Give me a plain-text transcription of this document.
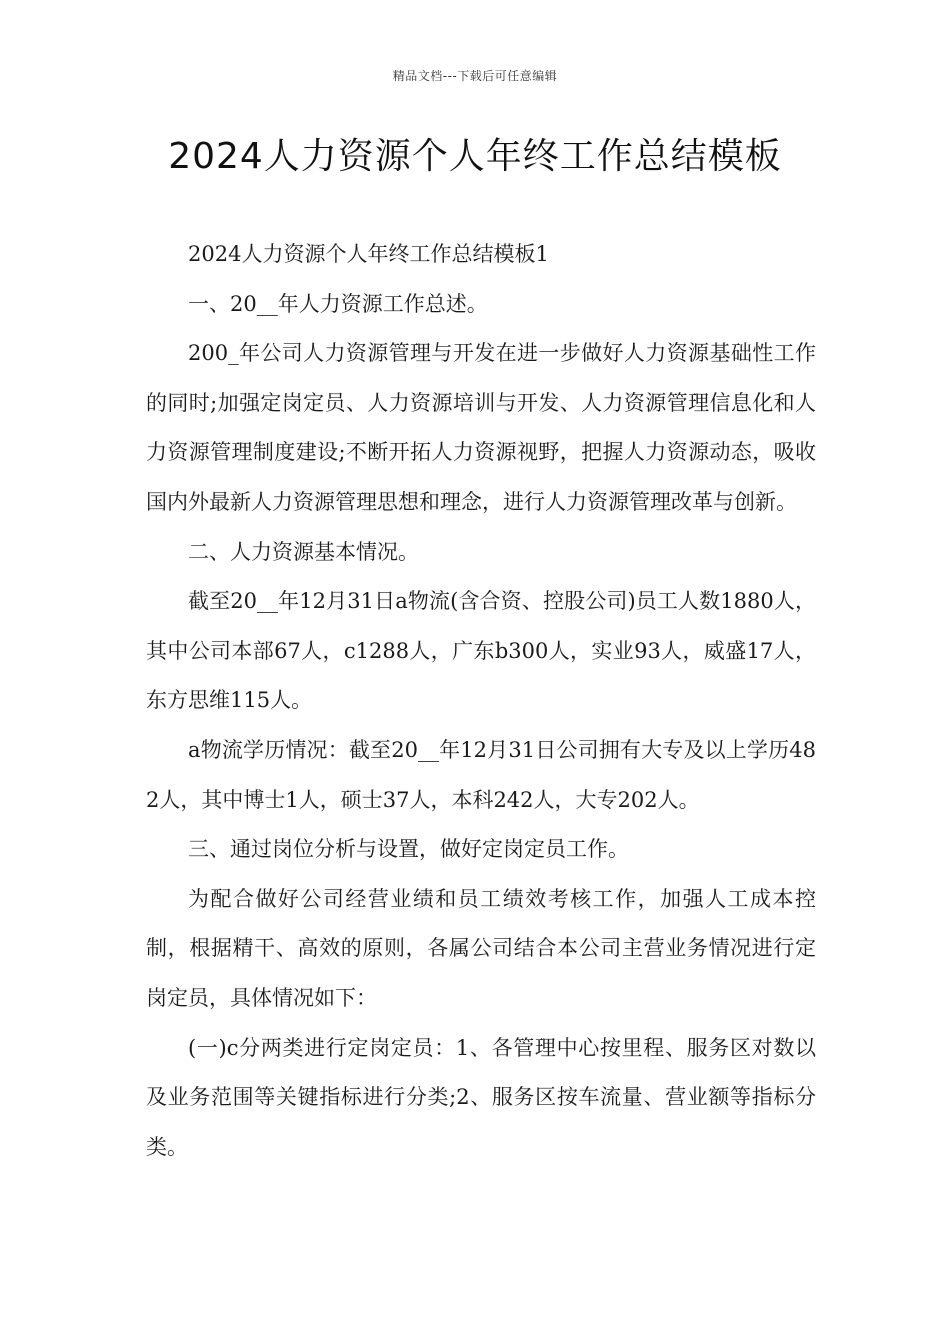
精品文档---下载后可任意编辑
2024人力资源个人年终工作总结模板

2024人力资源个人年终工作总结模板1

一、20__年人力资源工作总述。

200_年公司人力资源管理与开发在进一步做好人力资源基础性工作的同时;加强定岗定员、人力资源培训与开发、人力资源管理信息化和人力资源管理制度建设;不断开拓人力资源视野，把握人力资源动态，吸收国内外最新人力资源管理思想和理念，进行人力资源管理改革与创新。

二、人力资源基本情况。

截至20__年12月31日a物流(含合资、控股公司)员工人数1880人，其中公司本部67人，c1288人，广东b300人，实业93人，威盛17人，东方思维115人。

a物流学历情况：截至20__年12月31日公司拥有大专及以上学历482人，其中博士1人，硕士37人，本科242人，大专202人。

三、通过岗位分析与设置，做好定岗定员工作。

为配合做好公司经营业绩和员工绩效考核工作，加强人工成本控制，根据精干、高效的原则，各属公司结合本公司主营业务情况进行定岗定员，具体情况如下：

(一)c分两类进行定岗定员：1、各管理中心按里程、服务区对数以及业务范围等关键指标进行分类;2、服务区按车流量、营业额等指标分类。
